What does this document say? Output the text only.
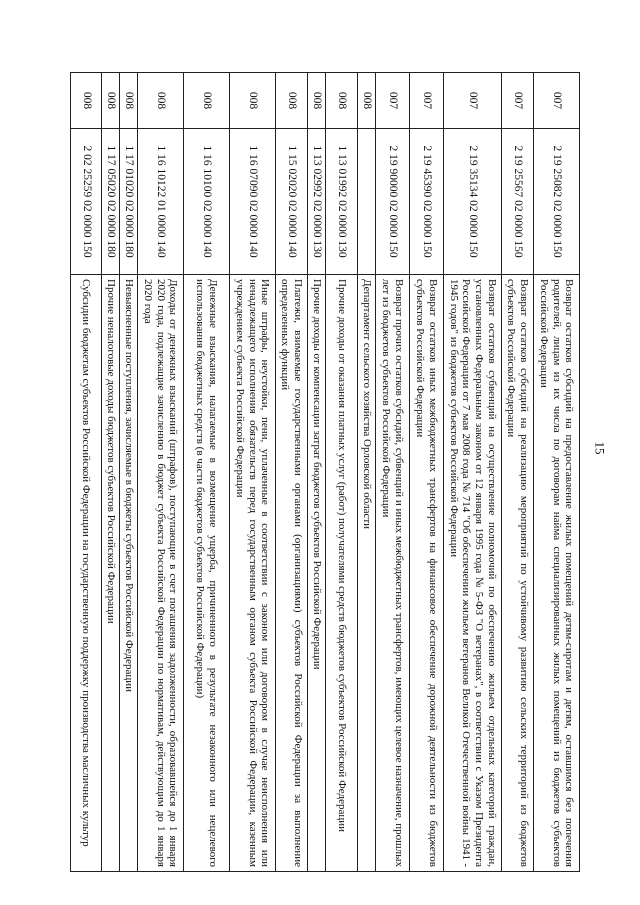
15
007	2 19 25082 02 0000 150	Возврат остатков субсидий на предоставление жилых помещений детям-сиротам и детям, оставшимся без попечения родителей, лицам из их числа по договорам найма специализированных жилых помещений из бюджетов субъектов Российской Федерации
007	2 19 25567 02 0000 150	Возврат остатков субсидий на реализацию мероприятий по устойчивому развитию сельских территорий из бюджетов субъектов Российской Федерации
007	2 19 35134 02 0000 150	Возврат остатков субвенций на осуществление полномочий по обеспечению жильем отдельных категорий граждан, установленных Федеральным законом от 12 января 1995 года № 5-ФЗ "О ветеранах", в соответствии с Указом Президента Российской Федерации от 7 мая 2008 года № 714 "Об обеспечении жильем ветеранов Великой Отечественной войны 1941 - 1945 годов" из бюджетов субъектов Российской Федерации
007	2 19 45390 02 0000 150	Возврат остатков иных межбюджетных трансфертов на финансовое обеспечение дорожной деятельности из бюджетов субъектов Российской Федерации
007	2 19 90000 02 0000 150	Возврат прочих остатков субсидий, субвенций и иных межбюджетных трансфертов, имеющих целевое назначение, прошлых лет из бюджетов субъектов Российской Федерации
008		Департамент сельского хозяйства Орловской области
008	1 13 01992 02 0000 130	Прочие доходы от оказания платных услуг (работ) получателями средств бюджетов субъектов Российской Федерации
008	1 13 02992 02 0000 130	Прочие доходы от компенсации затрат бюджетов субъектов Российской Федерации
008	1 15 02020 02 0000 140	Платежи, взимаемые государственными органами (организациями) субъектов Российской Федерации за выполнение определенных функций
008	1 16 07090 02 0000 140	Иные штрафы, неустойки, пени, уплаченные в соответствии с законом или договором в случае неисполнения или ненадлежащего исполнения обязательств перед государственным органом субъекта Российской Федерации, казенным учреждением субъекта Российской Федерации
008	1 16 10100 02 0000 140	Денежные взыскания, налагаемые в возмещение ущерба, причиненного в результате незаконного или нецелевого использования бюджетных средств (в части бюджетов субъектов Российской Федерации)
008	1 16 10122 01 0000 140	Доходы от денежных взысканий (штрафов), поступающие в счет погашения задолженности, образовавшейся до 1 января 2020 года, подлежащие зачислению в бюджет субъекта Российской Федерации по нормативам, действующим до 1 января 2020 года
008	1 17 01020 02 0000 180	Невыясненные поступления, зачисляемые в бюджеты субъектов Российской Федерации
008	1 17 05020 02 0000 180	Прочие неналоговые доходы бюджетов субъектов Российской Федерации
008	2 02 25259 02 0000 150	Субсидии бюджетам субъектов Российской Федерации на государственную поддержку производства масличных культур
